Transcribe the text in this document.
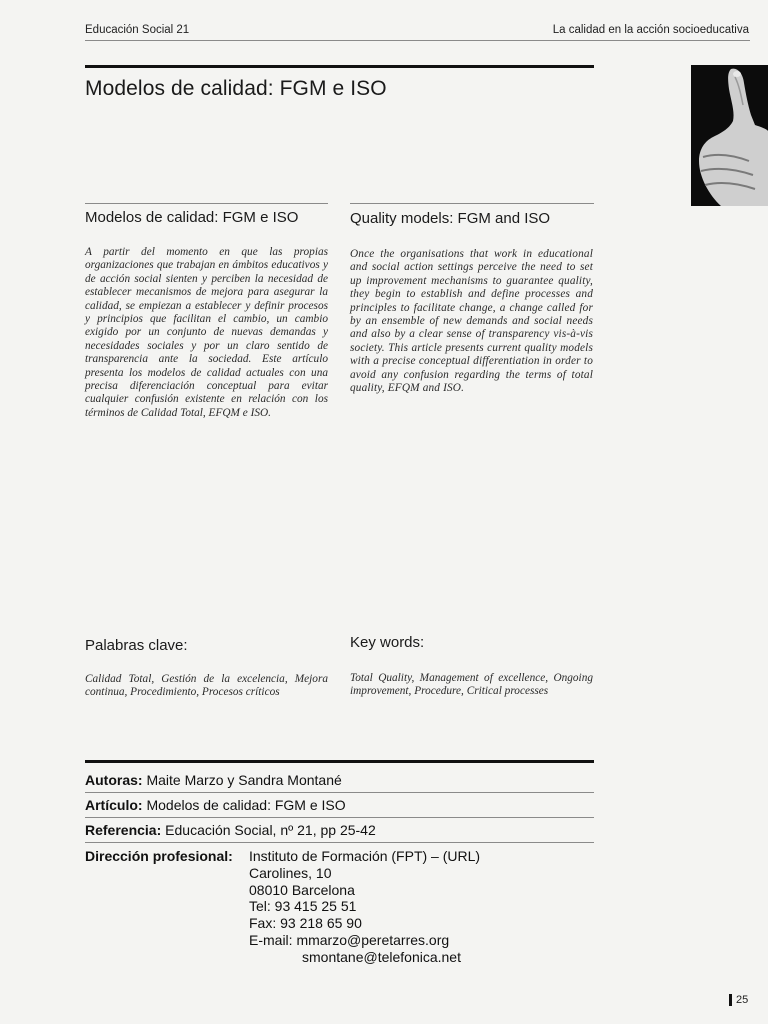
Educación Social 21	La calidad en la acción socioeducativa
Modelos de calidad: FGM e ISO
Modelos de calidad: FGM e ISO	Quality models: FGM and ISO

A partir del momento en que las propias organizaciones que trabajan en ámbitos educativos y de acción social sienten y perciben la necesidad de establecer mecanismos de mejora para asegurar la calidad, se empiezan a establecer y definir procesos y principios que facilitan el cambio, un cambio exigido por un conjunto de nuevas demandas y necesidades sociales y por un claro sentido de transparencia ante la sociedad. Este artículo presenta los modelos de calidad actuales con una precisa diferenciación conceptual para evitar cualquier confusión existente en relación con los términos de Calidad Total, EFQM e ISO.

Once the organisations that work in educational and social action settings perceive the need to set up improvement mechanisms to guarantee quality, they begin to establish and define processes and principles to facilitate change, a change called for by an ensemble of new demands and social needs and also by a clear sense of transparency vis-à-vis society. This article presents current quality models with a precise conceptual differentiation in order to avoid any confusion regarding the terms of total quality, EFQM and ISO.

Palabras clave:	Key words:

Calidad Total, Gestión de la excelencia, Mejora continua, Procedimiento, Procesos críticos

Total Quality, Management of excellence, Ongoing improvement, Procedure, Critical processes

Autoras: Maite Marzo y Sandra Montané
Artículo: Modelos de calidad: FGM e ISO
Referencia: Educación Social, nº 21, pp 25-42
Dirección profesional: Instituto de Formación (FPT) – (URL)
Carolines, 10
08010 Barcelona
Tel: 93 415 25 51
Fax: 93 218 65 90
E-mail: mmarzo@peretarres.org
smontane@telefonica.net
25
